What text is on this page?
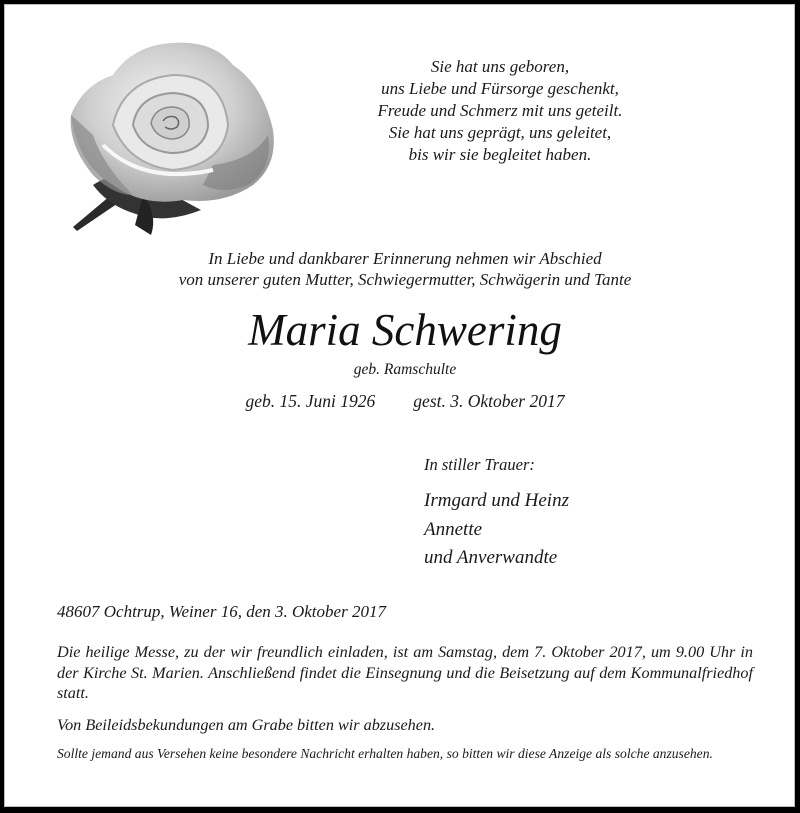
Sie hat uns geboren,
uns Liebe und Fürsorge geschenkt,
Freude und Schmerz mit uns geteilt.
Sie hat uns geprägt, uns geleitet,
bis wir sie begleitet haben.
In Liebe und dankbarer Erinnerung nehmen wir Abschied
von unserer guten Mutter, Schwiegermutter, Schwägerin und Tante
Maria Schwering
geb. Ramschulte
geb. 15. Juni 1926 gest. 3. Oktober 2017
In stiller Trauer:
Irmgard und Heinz
Annette
und Anverwandte
48607 Ochtrup, Weiner 16, den 3. Oktober 2017
Die heilige Messe, zu der wir freundlich einladen, ist am Samstag, dem 7. Oktober 2017, um 9.00 Uhr in der Kirche St. Marien. Anschließend findet die Einsegnung und die Beisetzung auf dem Kommunalfriedhof statt.
Von Beileidsbekundungen am Grabe bitten wir abzusehen.
Sollte jemand aus Versehen keine besondere Nachricht erhalten haben, so bitten wir diese Anzeige als solche anzusehen.
